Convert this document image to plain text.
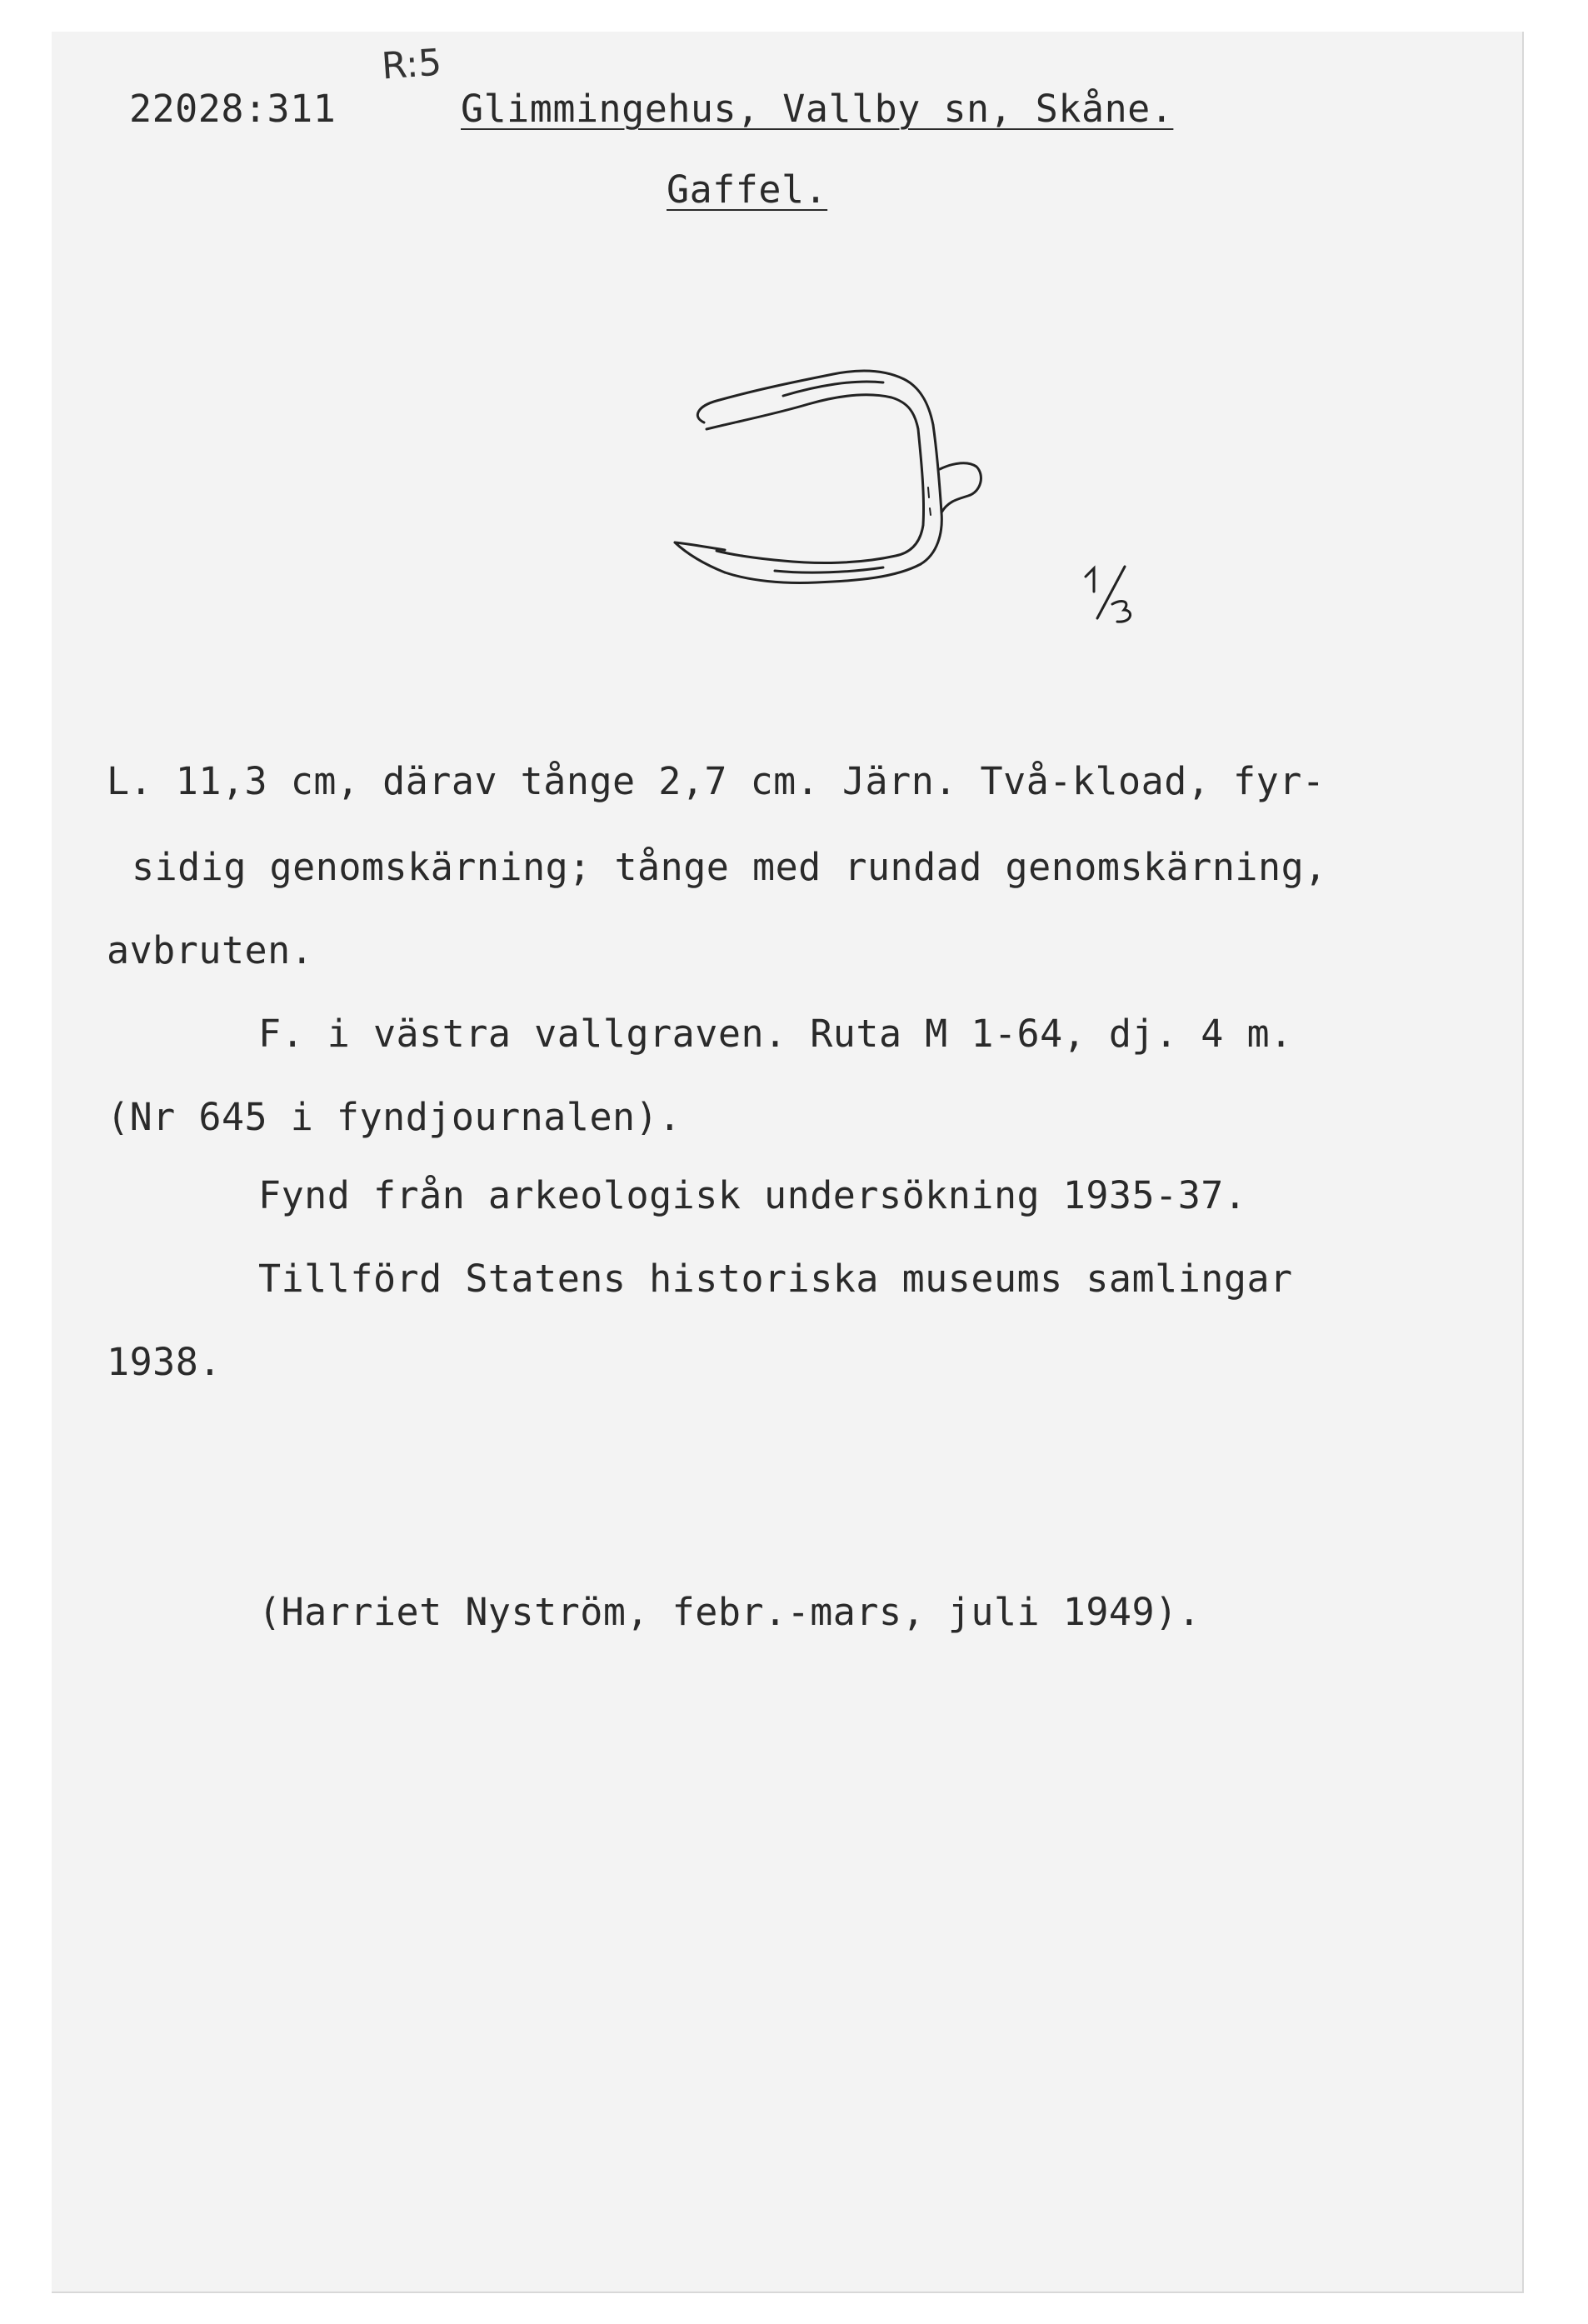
22028:311
R:5
Glimmingehus, Vallby sn, Skåne.
Gaffel.
L. 11,3 cm, därav tånge 2,7 cm. Järn. Två-kload, fyr-
sidig genomskärning; tånge med rundad genomskärning,
avbruten.
F. i västra vallgraven. Ruta M 1-64, dj. 4 m.
(Nr 645 i fyndjournalen).
Fynd från arkeologisk undersökning 1935-37.
Tillförd Statens historiska museums samlingar
1938.
(Harriet Nyström, febr.-mars, juli 1949).
